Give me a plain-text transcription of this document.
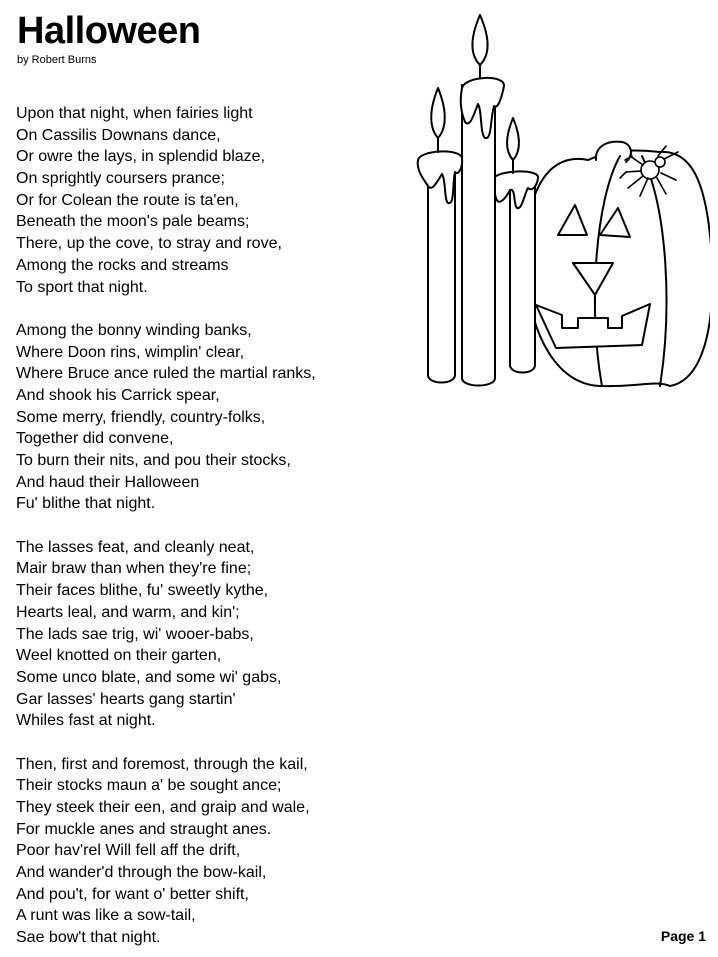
Halloween
by Robert Burns
Upon that night, when fairies light
On Cassilis Downans dance,
Or owre the lays, in splendid blaze,
On sprightly coursers prance;
Or for Colean the route is ta'en,
Beneath the moon's pale beams;
There, up the cove, to stray and rove,
Among the rocks and streams
To sport that night.
Among the bonny winding banks,
Where Doon rins, wimplin' clear,
Where Bruce ance ruled the martial ranks,
And shook his Carrick spear,
Some merry, friendly, country-folks,
Together did convene,
To burn their nits, and pou their stocks,
And haud their Halloween
Fu' blithe that night.
The lasses feat, and cleanly neat,
Mair braw than when they're fine;
Their faces blithe, fu' sweetly kythe,
Hearts leal, and warm, and kin';
The lads sae trig, wi' wooer-babs,
Weel knotted on their garten,
Some unco blate, and some wi' gabs,
Gar lasses' hearts gang startin'
Whiles fast at night.
Then, first and foremost, through the kail,
Their stocks maun a' be sought ance;
They steek their een, and graip and wale,
For muckle anes and straught anes.
Poor hav'rel Will fell aff the drift,
And wander'd through the bow-kail,
And pou't, for want o' better shift,
A runt was like a sow-tail,
Sae bow't that night.	Page 1
